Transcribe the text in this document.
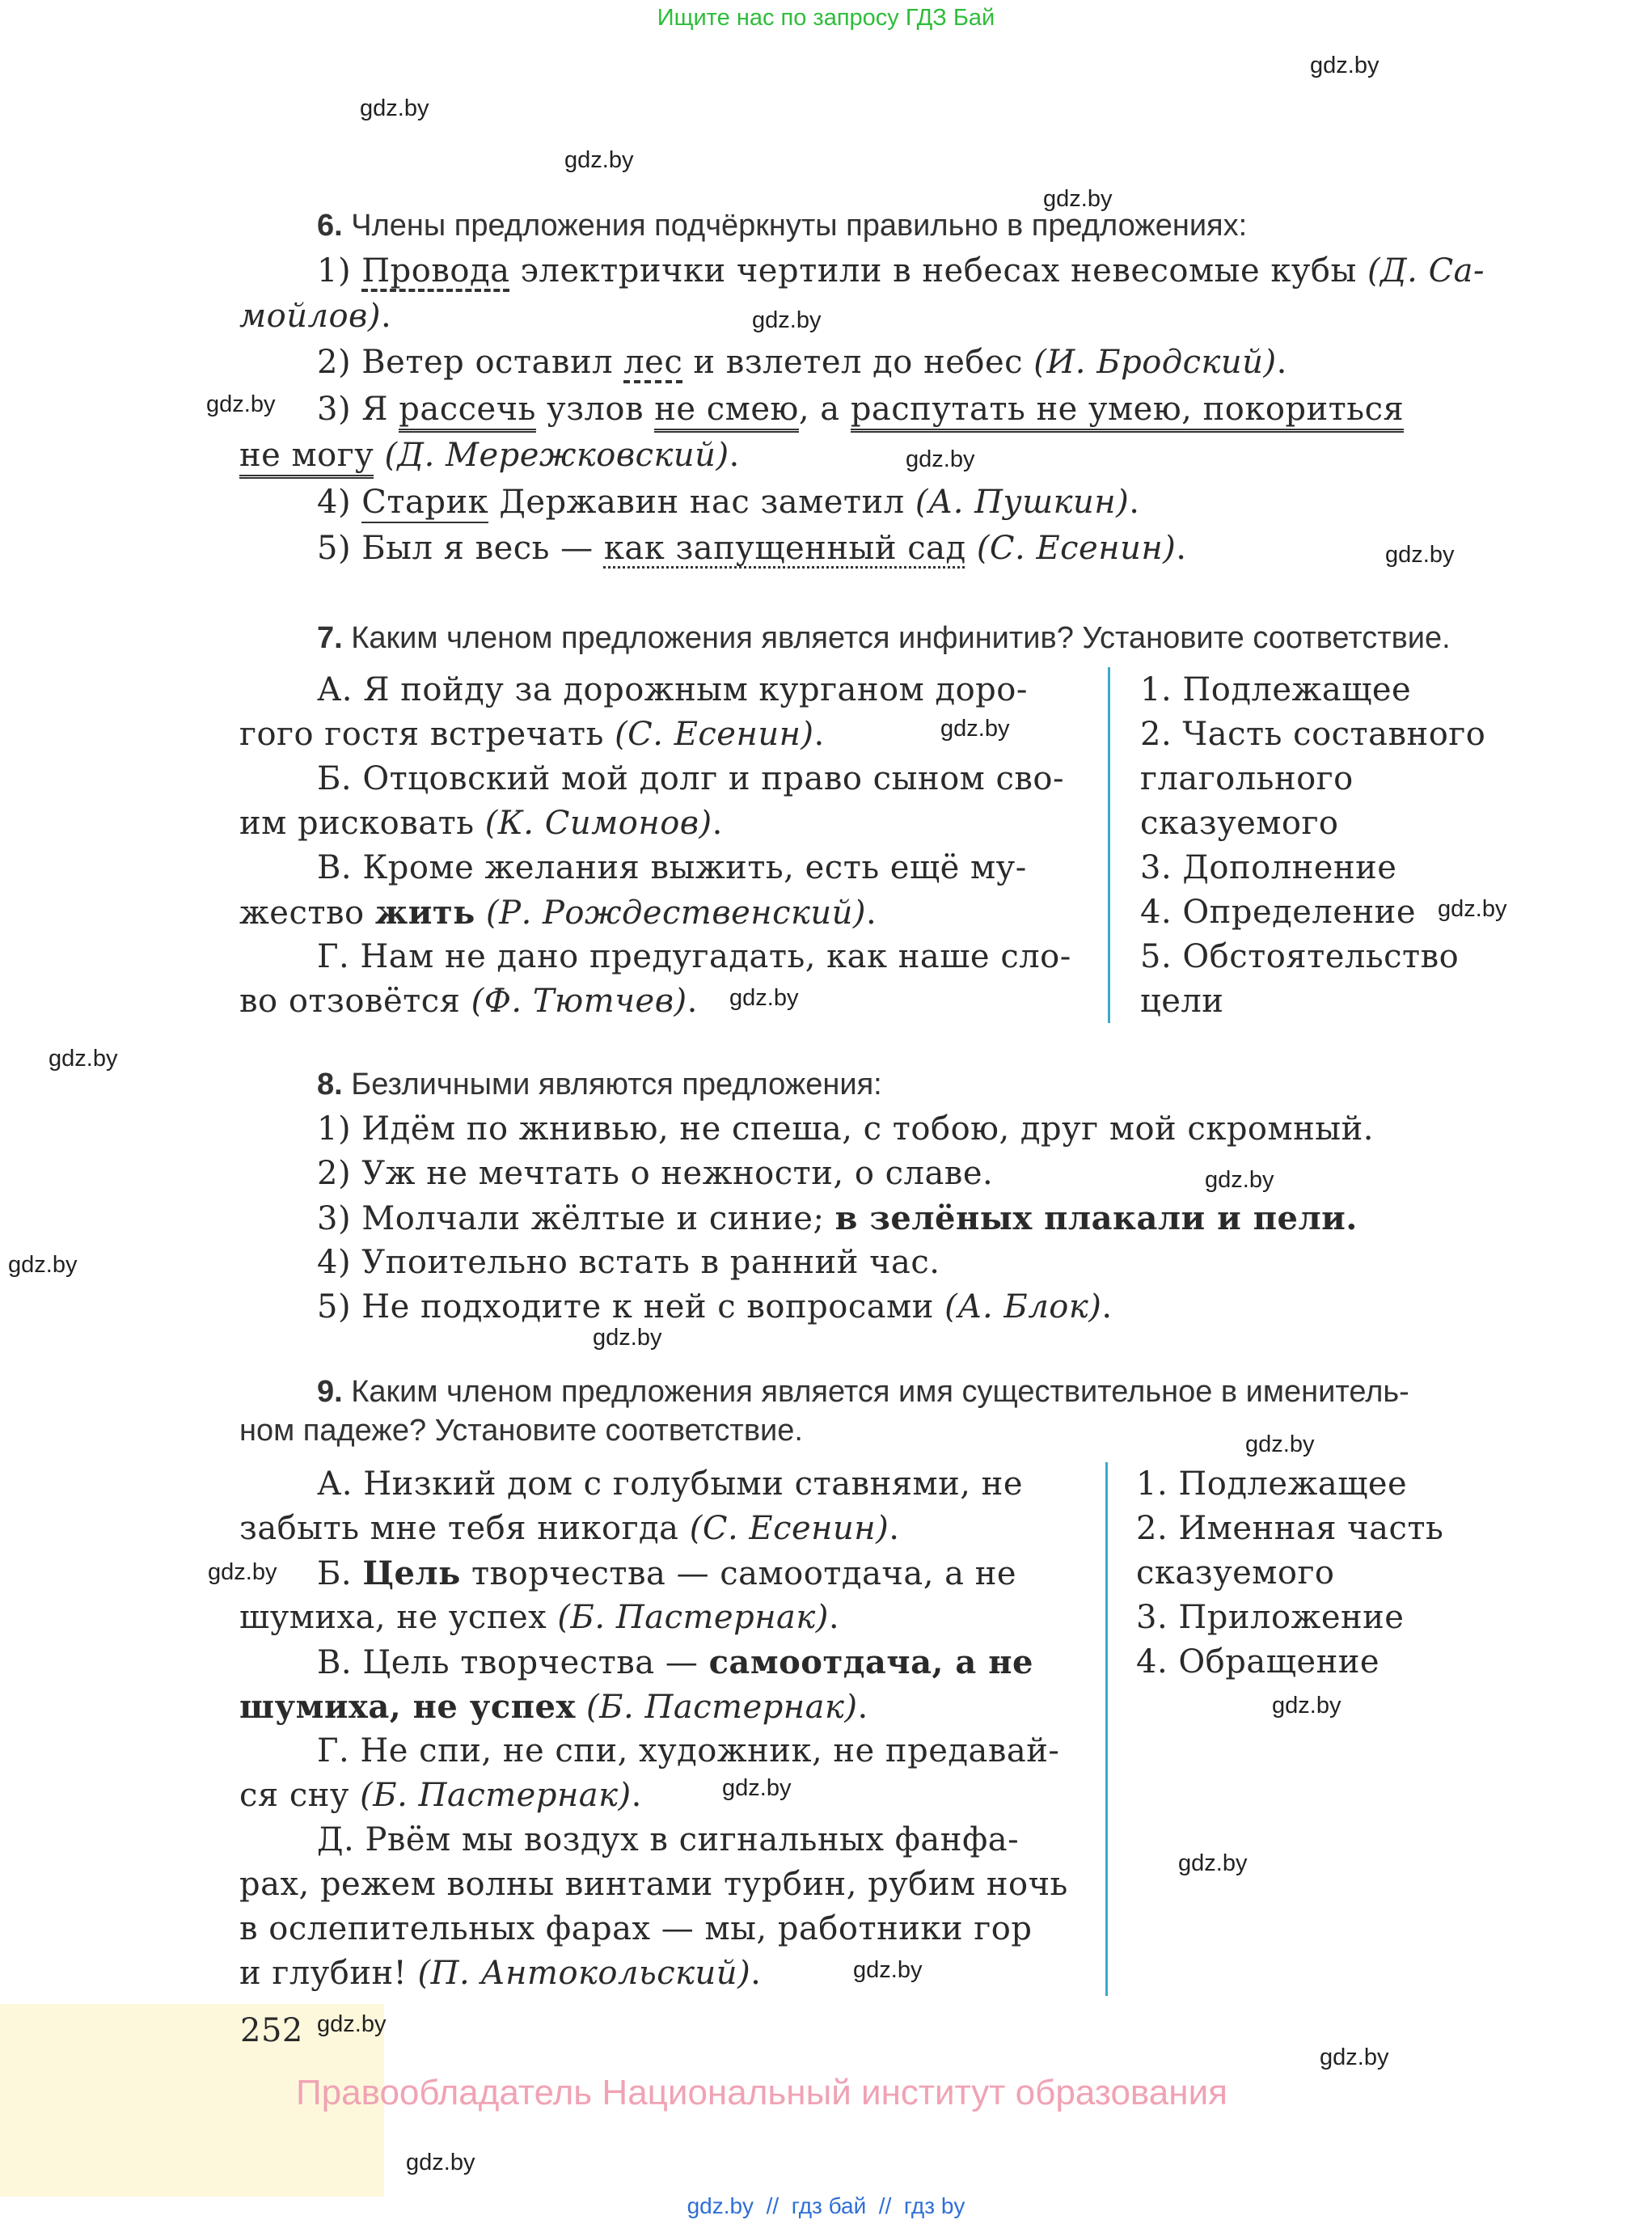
Ищите нас по запросу ГДЗ Бай
gdz.by
gdz.by
gdz.by
gdz.by
gdz.by
gdz.by
gdz.by
gdz.by
gdz.by
gdz.by
gdz.by
gdz.by
gdz.by
gdz.by
gdz.by
gdz.by
gdz.by
gdz.by
gdz.by
gdz.by
gdz.by
gdz.by
gdz.by
6. Члены предложения подчёркнуты правильно в предложениях:
1) Провода электрички чертили в небесах невесомые кубы (Д. Са-
мойлов).
2) Ветер оставил лес и взлетел до небес (И. Бродский).
3) Я рассечь узлов не смею, а распутать не умею, покориться
не могу (Д. Мережковский).
4) Старик Державин нас заметил (А. Пушкин).
5) Был я весь — как запущенный сад (С. Есенин).
7. Каким членом предложения является инфинитив? Установите соответствие.
А. Я пойду за дорожным курганом доро-
гого гостя встречать (С. Есенин).
Б. Отцовский мой долг и право сыном сво-
им рисковать (К. Симонов).
В. Кроме желания выжить, есть ещё му-
жество жить (Р. Рождественский).
Г. Нам не дано предугадать, как наше сло-
во отзовётся (Ф. Тютчев).
1. Подлежащее
2. Часть составного
глагольного
сказуемого
3. Дополнение
4. Определение
5. Обстоятельство
цели
8. Безличными являются предложения:
1) Идём по жнивью, не спеша, с тобою, друг мой скромный.
2) Уж не мечтать о нежности, о славе.
3) Молчали жёлтые и синие; в зелёных плакали и пели.
4) Упоительно встать в ранний час.
5) Не подходите к ней с вопросами (А. Блок).
9. Каким членом предложения является имя существительное в именитель-
ном падеже? Установите соответствие.
А. Низкий дом с голубыми ставнями, не
забыть мне тебя никогда (С. Есенин).
Б. Цель творчества — самоотдача, а не
шумиха, не успех (Б. Пастернак).
В. Цель творчества — самоотдача, а не
шумиха, не успех (Б. Пастернак).
Г. Не спи, не спи, художник, не предавай-
ся сну (Б. Пастернак).
Д. Рвём мы воздух в сигнальных фанфа-
рах, режем волны винтами турбин, рубим ночь
в ослепительных фарах — мы, работники гор
и глубин! (П. Антокольский).
1. Подлежащее
2. Именная часть
сказуемого
3. Приложение
4. Обращение
252 gdz.by
Правообладатель Национальный институт образования
gdz.by  //  гдз бай  //  гдз by
